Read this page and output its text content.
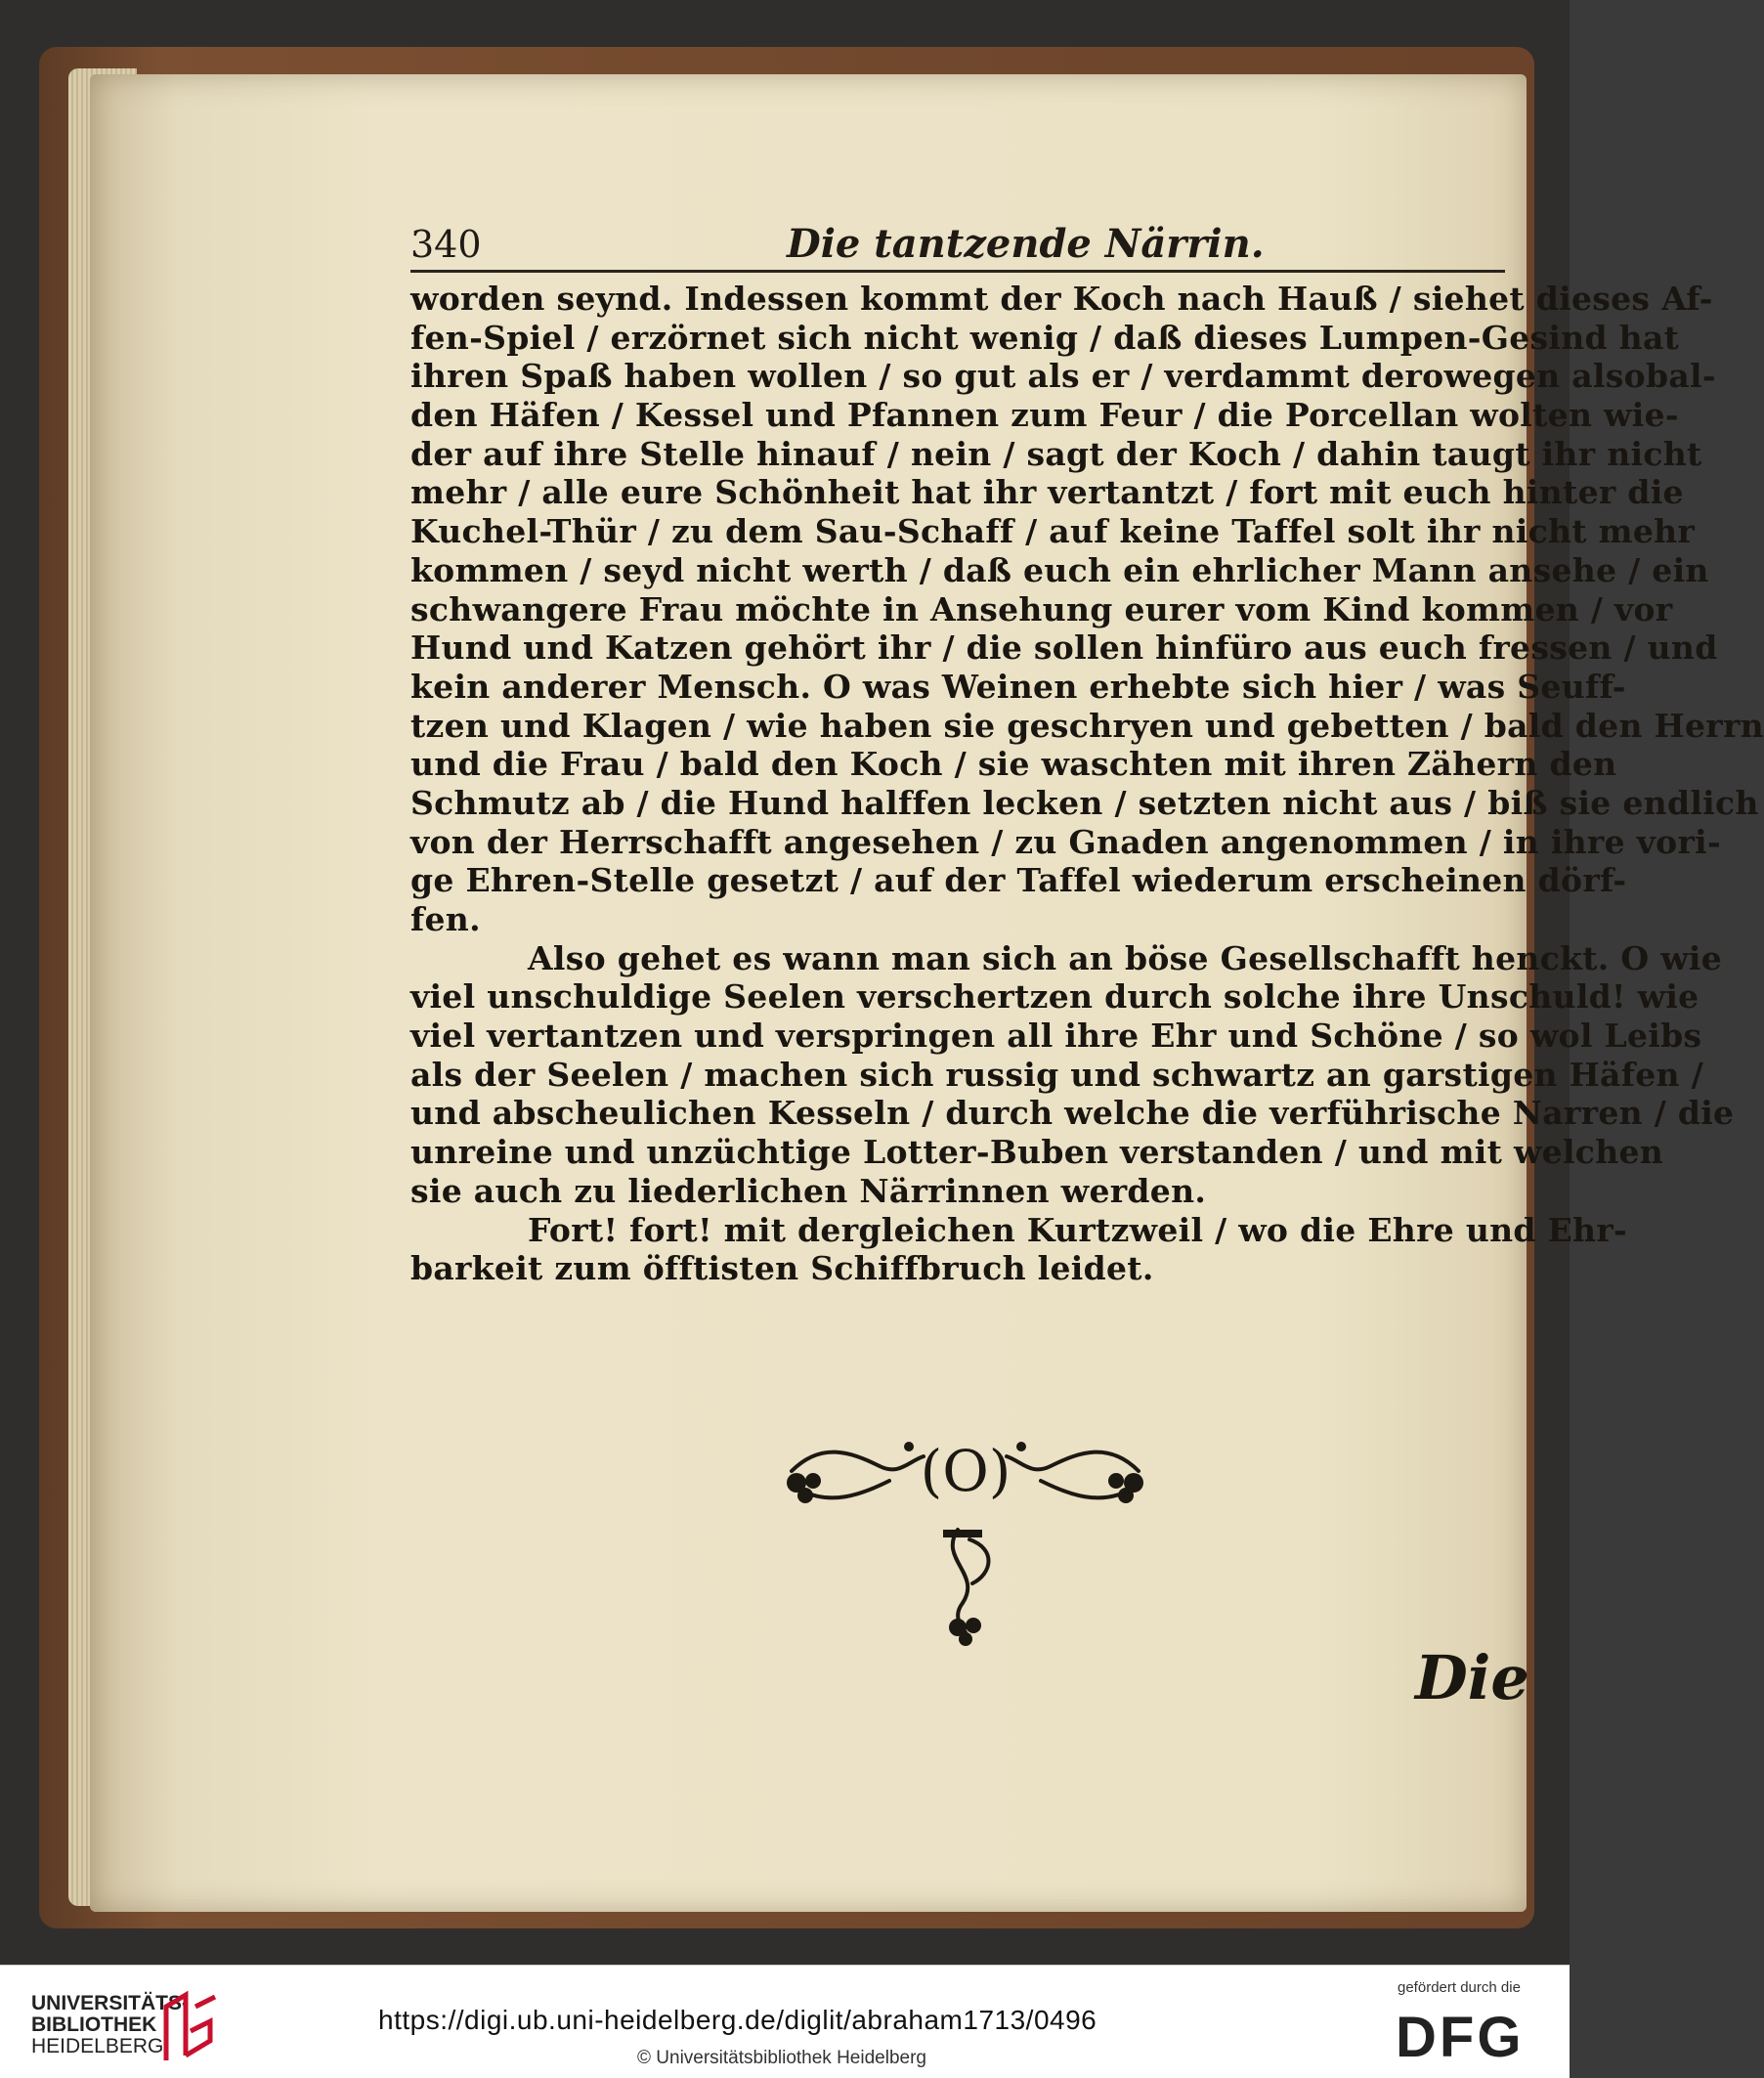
340	Die tantzende Närrin.
worden seynd. Indessen kommt der Koch nach Hauß / siehet dieses Af-
fen-Spiel / erzörnet sich nicht wenig / daß dieses Lumpen-Gesind hat
ihren Spaß haben wollen / so gut als er / verdammt derowegen alsobal-
den Häfen / Kessel und Pfannen zum Feur / die Porcellan wolten wie-
der auf ihre Stelle hinauf / nein / sagt der Koch / dahin taugt ihr nicht
mehr / alle eure Schönheit hat ihr vertantzt / fort mit euch hinter die
Kuchel-Thür / zu dem Sau-Schaff / auf keine Taffel solt ihr nicht mehr
kommen / seyd nicht werth / daß euch ein ehrlicher Mann ansehe / ein
schwangere Frau möchte in Ansehung eurer vom Kind kommen / vor
Hund und Katzen gehört ihr / die sollen hinfüro aus euch fressen / und
kein anderer Mensch. O was Weinen erhebte sich hier / was Seuff-
tzen und Klagen / wie haben sie geschryen und gebetten / bald den Herrn
und die Frau / bald den Koch / sie waschten mit ihren Zähern den
Schmutz ab / die Hund halffen lecken / setzten nicht aus / biß sie endlich
von der Herrschafft angesehen / zu Gnaden angenommen / in ihre vori-
ge Ehren-Stelle gesetzt / auf der Taffel wiederum erscheinen dörf-
fen.
Also gehet es wann man sich an böse Gesellschafft henckt. O wie
viel unschuldige Seelen verschertzen durch solche ihre Unschuld! wie
viel vertantzen und verspringen all ihre Ehr und Schöne / so wol Leibs
als der Seelen / machen sich russig und schwartz an garstigen Häfen /
und abscheulichen Kesseln / durch welche die verführische Narren / die
unreine und unzüchtige Lotter-Buben verstanden / und mit welchen
sie auch zu liederlichen Närrinnen werden.
Fort! fort! mit dergleichen Kurtzweil / wo die Ehre und Ehr-
barkeit zum öfftisten Schiffbruch leidet.
(O)
Die
UNIVERSITÄTS-
BIBLIOTHEK
HEIDELBERG
https://digi.ub.uni-heidelberg.de/diglit/abraham1713/0496
© Universitätsbibliothek Heidelberg
gefördert durch die
DFG
